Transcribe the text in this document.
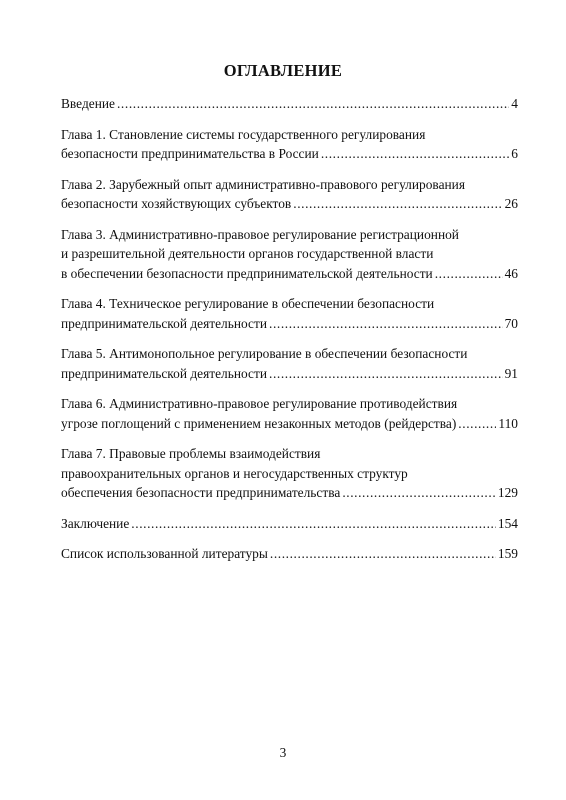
ОГЛАВЛЕНИЕ
Введение .....	4
Глава 1. Становление системы государственного регулирования
безопасности предпринимательства в России .....	6
Глава 2. Зарубежный опыт административно-правового регулирования
безопасности хозяйствующих субъектов .....	26
Глава 3. Административно-правовое регулирование регистрационной
и разрешительной деятельности органов государственной власти
в обеспечении безопасности предпринимательской деятельности .....	46
Глава 4. Техническое регулирование в обеспечении безопасности
предпринимательской деятельности .....	70
Глава 5. Антимонопольное регулирование в обеспечении безопасности
предпринимательской деятельности .....	91
Глава 6. Административно-правовое регулирование противодействия
угрозе поглощений с применением незаконных методов (рейдерства) .....	110
Глава 7. Правовые проблемы взаимодействия
правоохранительных органов и негосударственных структур
обеспечения безопасности предпринимательства .....	129
Заключение .....	154
Список использованной литературы .....	159
3
